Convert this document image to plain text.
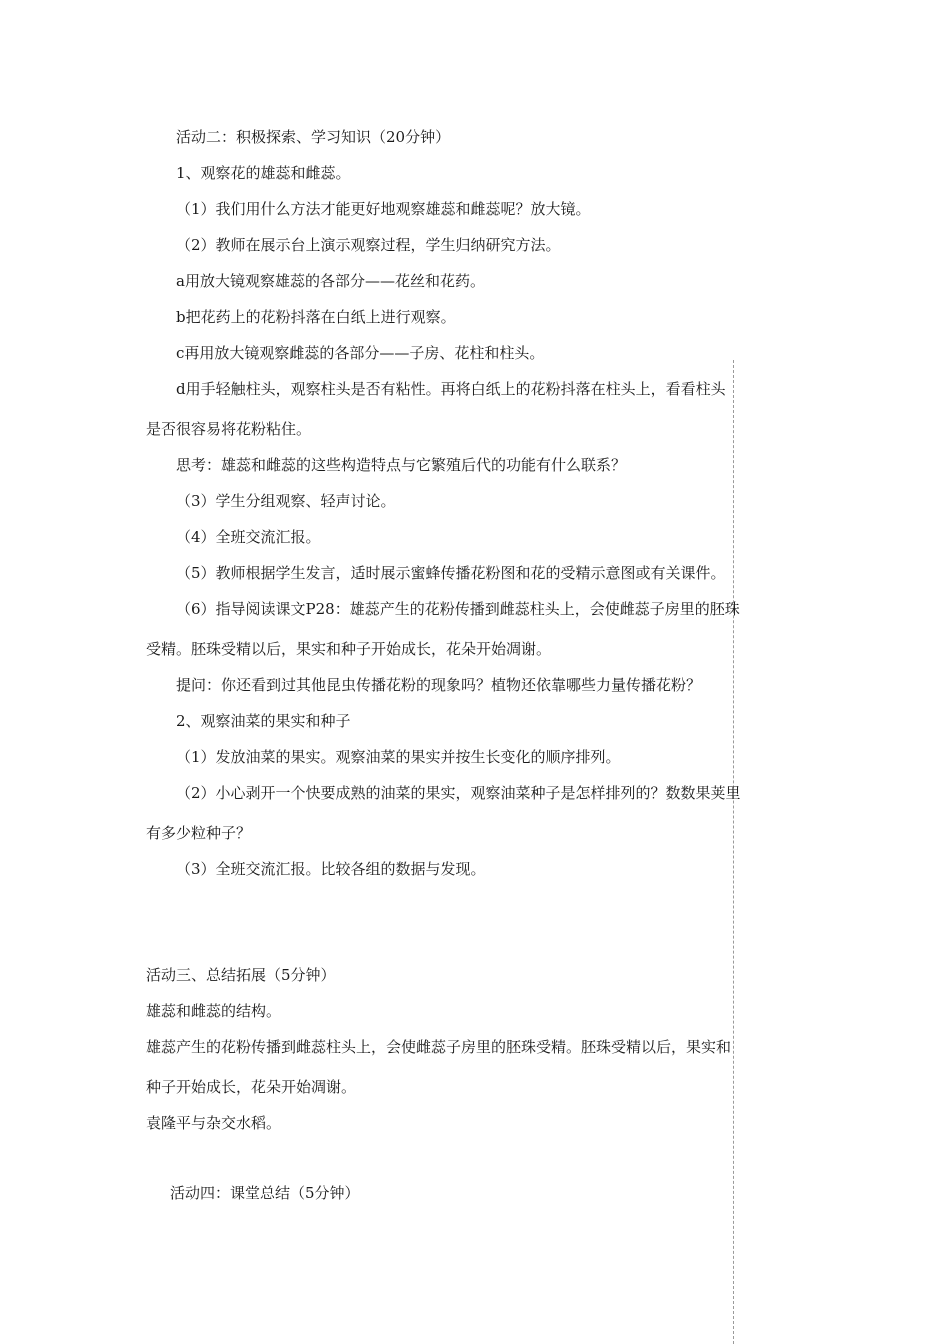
活动二：积极探索、学习知识（20分钟）
1、观察花的雄蕊和雌蕊。
（1）我们用什么方法才能更好地观察雄蕊和雌蕊呢？放大镜。
（2）教师在展示台上演示观察过程，学生归纳研究方法。
a用放大镜观察雄蕊的各部分——花丝和花药。
b把花药上的花粉抖落在白纸上进行观察。
c再用放大镜观察雌蕊的各部分——子房、花柱和柱头。
d用手轻触柱头，观察柱头是否有粘性。再将白纸上的花粉抖落在柱头上，看看柱头
是否很容易将花粉粘住。
思考：雄蕊和雌蕊的这些构造特点与它繁殖后代的功能有什么联系？
（3）学生分组观察、轻声讨论。
（4）全班交流汇报。
（5）教师根据学生发言，适时展示蜜蜂传播花粉图和花的受精示意图或有关课件。
（6）指导阅读课文P28：雄蕊产生的花粉传播到雌蕊柱头上，会使雌蕊子房里的胚珠
受精。胚珠受精以后，果实和种子开始成长，花朵开始凋谢。
提问：你还看到过其他昆虫传播花粉的现象吗？植物还依靠哪些力量传播花粉？
2、观察油菜的果实和种子
（1）发放油菜的果实。观察油菜的果实并按生长变化的顺序排列。
（2）小心剥开一个快要成熟的油菜的果实，观察油菜种子是怎样排列的？数数果荚里
有多少粒种子？
（3）全班交流汇报。比较各组的数据与发现。
活动三、总结拓展（5分钟）
雄蕊和雌蕊的结构。
雄蕊产生的花粉传播到雌蕊柱头上，会使雌蕊子房里的胚珠受精。胚珠受精以后，果实和
种子开始成长，花朵开始凋谢。
袁隆平与杂交水稻。
活动四：课堂总结（5分钟）
